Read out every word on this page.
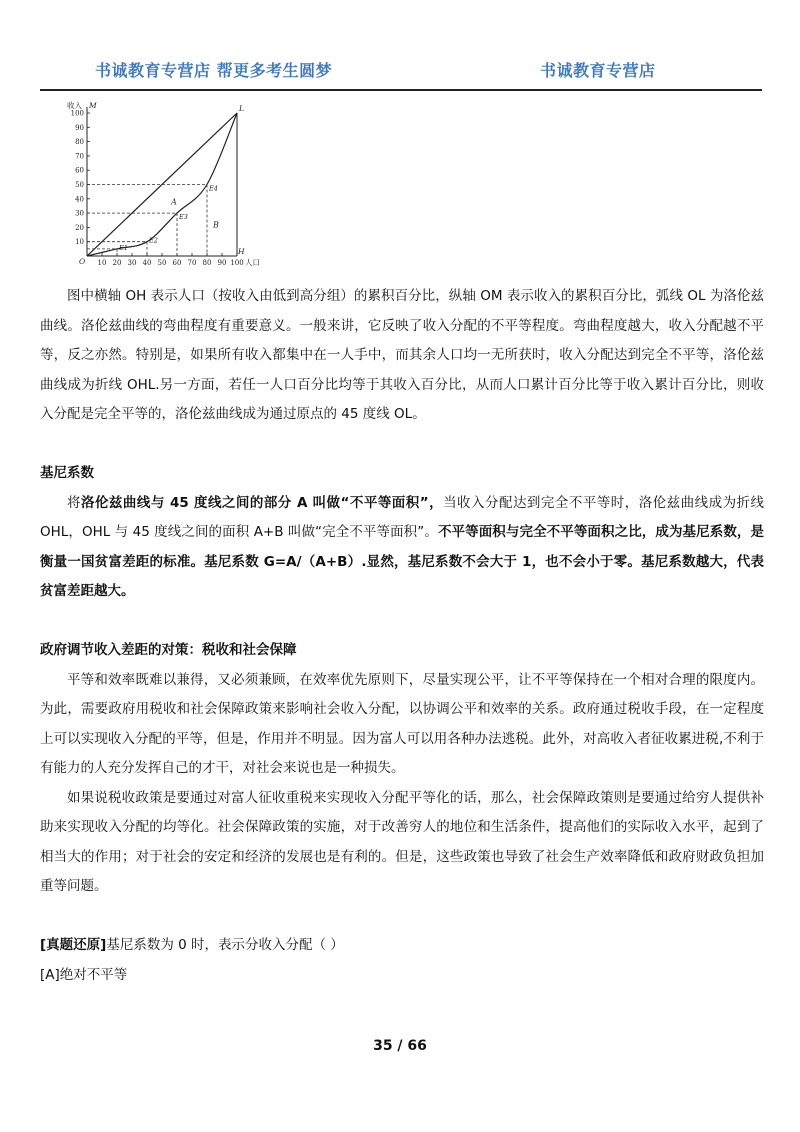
书诚教育专营店 帮更多考生圆梦	书诚教育专营店
100
90
80
70
60
50
40
30
20
10
10 20 30 40 50 60 70 80 90 100
收入
人口
M	L
O
H
E1
E2
E3
E4
A
B

图中横轴 OH 表示人口（按收入由低到高分组）的累积百分比，纵轴 OM 表示收入的累积百分比，弧线 OL 为洛伦兹曲线。洛伦兹曲线的弯曲程度有重要意义。一般来讲，它反映了收入分配的不平等程度。弯曲程度越大，收入分配越不平等，反之亦然。特别是，如果所有收入都集中在一人手中，而其余人口均一无所获时，收入分配达到完全不平等，洛伦兹曲线成为折线 OHL.另一方面，若任一人口百分比均等于其收入百分比，从而人口累计百分比等于收入累计百分比，则收入分配是完全平等的，洛伦兹曲线成为通过原点的 45 度线 OL。

基尼系数

将洛伦兹曲线与 45 度线之间的部分 A 叫做“不平等面积”，当收入分配达到完全不平等时，洛伦兹曲线成为折线 OHL，OHL 与 45 度线之间的面积 A+B 叫做“完全不平等面积”。不平等面积与完全不平等面积之比，成为基尼系数，是衡量一国贫富差距的标准。基尼系数 G=A/（A+B）.显然，基尼系数不会大于 1，也不会小于零。基尼系数越大，代表贫富差距越大。

政府调节收入差距的对策：税收和社会保障

平等和效率既难以兼得，又必须兼顾，在效率优先原则下，尽量实现公平，让不平等保持在一个相对合理的限度内。为此，需要政府用税收和社会保障政策来影响社会收入分配，以协调公平和效率的关系。政府通过税收手段，在一定程度上可以实现收入分配的平等，但是，作用并不明显。因为富人可以用各种办法逃税。此外，对高收入者征收累进税,不利于有能力的人充分发挥自己的才干，对社会来说也是一种损失。

如果说税收政策是要通过对富人征收重税来实现收入分配平等化的话，那么，社会保障政策则是要通过给穷人提供补助来实现收入分配的均等化。社会保障政策的实施，对于改善穷人的地位和生活条件，提高他们的实际收入水平，起到了相当大的作用；对于社会的安定和经济的发展也是有利的。但是，这些政策也导致了社会生产效率降低和政府财政负担加重等问题。

[真题还原]基尼系数为 0 时，表示分收入分配（ ）

[A]绝对不平等

35 / 66
